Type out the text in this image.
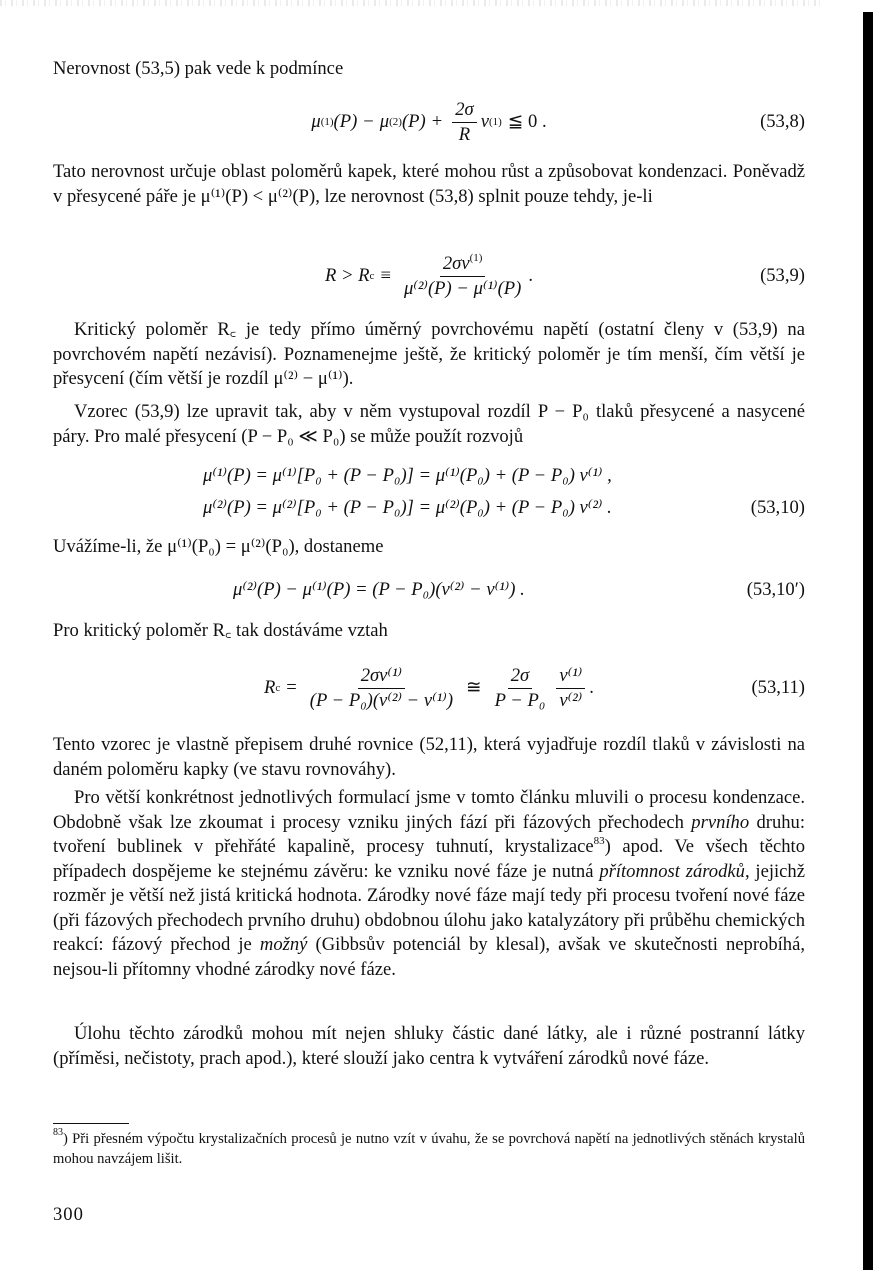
Nerovnost (53,5) pak vede k podmínce

μ (1) (P) − μ (2) $(P) + \frac{2\sigma}{R}$ v (1) ≦ 0 .	(53,8)

Tato nerovnost určuje oblast poloměrů kapek, které mohou růst a způsobovat kondenzaci. Poněvadž v přesycené páře je μ⁽¹⁾(P) < μ⁽²⁾(P), lze nerovnost (53,8) splnit pouze tehdy, je-li

R > R $c \equiv \frac{2\sigma v^{(1)}}{\text{μ⁽²⁾(P) − μ⁽¹⁾(P)}}$ .	(53,9)

Kritický poloměr R꜀ je tedy přímo úměrný povrchovému napětí (ostatní členy v (53,9) na povrchovém napětí nezávisí). Poznamenejme ještě, že kritický poloměr je tím menší, čím větší je přesycení (čím větší je rozdíl μ⁽²⁾ − μ⁽¹⁾).

Vzorec (53,9) lze upravit tak, aby v něm vystupoval rozdíl P − P₀ tlaků přesycené a nasycené páry. Pro malé přesycení (P − P₀ ≪ P₀) se může použít rozvojů

μ⁽¹⁾(P) = μ⁽¹⁾[P₀ + (P − P₀)] = μ⁽¹⁾(P₀) + (P − P₀) v⁽¹⁾ ,
μ⁽²⁾(P) = μ⁽²⁾[P₀ + (P − P₀)] = μ⁽²⁾(P₀) + (P − P₀) v⁽²⁾ .	(53,10)

Uvážíme-li, že μ⁽¹⁾(P₀) = μ⁽²⁾(P₀), dostaneme

μ⁽²⁾(P) − μ⁽¹⁾(P) = (P − P₀)(v⁽²⁾ − v⁽¹⁾) .	(53,10′)

Pro kritický poloměr R꜀ tak dostáváme vztah

R $c = \frac{\text{2σv⁽¹⁾}}{\text{(P − P₀)(v⁽²⁾ − v⁽¹⁾)}}$ ≅ $\frac{2\sigma}{\text{P − P₀}} \frac{\text{v⁽¹⁾}}{\text{v⁽²⁾}}$ .	(53,11)

Tento vzorec je vlastně přepisem druhé rovnice (52,11), která vyjadřuje rozdíl tlaků v závislosti na daném poloměru kapky (ve stavu rovnováhy).

Pro větší konkrétnost jednotlivých formulací jsme v tomto článku mluvili o procesu kondenzace. Obdobně však lze zkoumat i procesy vzniku jiných fází při fázových přechodech prvního druhu: tvoření bublinek v přehřáté kapalině, procesy tuhnutí, krystalizace$^{83}$) apod. Ve všech těchto případech dospějeme ke stejnému závěru: ke vzniku nové fáze je nutná přítomnost zárodků, jejichž rozměr je větší než jistá kritická hodnota. Zárodky nové fáze mají tedy při procesu tvoření nové fáze (při fázových přechodech prvního druhu) obdobnou úlohu jako katalyzátory při průběhu chemických reakcí: fázový přechod je možný (Gibbsův potenciál by klesal), avšak ve skutečnosti neprobíhá, nejsou-li přítomny vhodné zárodky nové fáze.

Úlohu těchto zárodků mohou mít nejen shluky částic dané látky, ale i různé postranní látky (příměsi, nečistoty, prach apod.), které slouží jako centra k vytváření zárodků nové fáze.

$^{83}$) Při přesném výpočtu krystalizačních procesů je nutno vzít v úvahu, že se povrchová napětí na jednotlivých stěnách krystalů mohou navzájem lišit.
300
